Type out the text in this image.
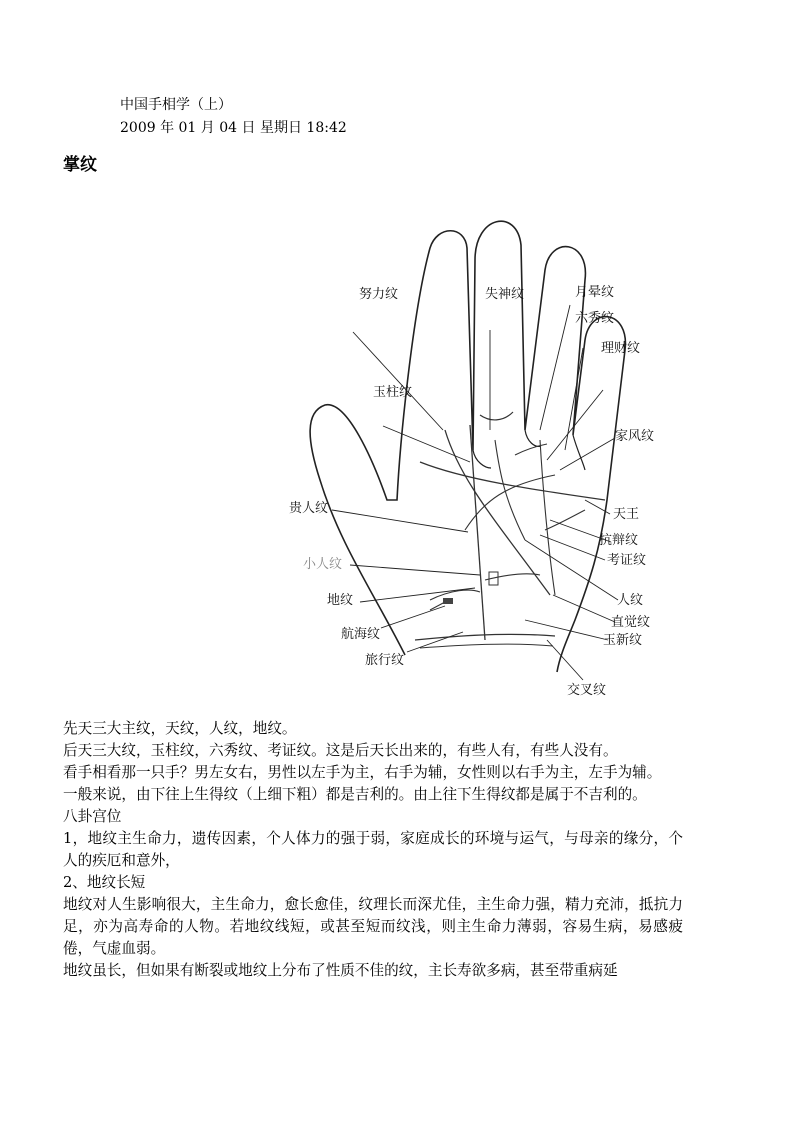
中国手相学（上）
2009 年 01 月 04 日 星期日 18:42
掌纹
努力纹	失神纹	月晕纹
六秀纹
理财纹
玉柱纹
家风纹
天王
贵人纹
抗辩纹
考证纹
小人纹
地纹	人纹
航海纹
直觉纹
玉新纹
旅行纹
交叉纹

先天三大主纹，天纹，人纹，地纹。

后天三大纹，玉柱纹，六秀纹、考证纹。这是后天长出来的，有些人有，有些人没有。

看手相看那一只手？男左女右，男性以左手为主，右手为辅，女性则以右手为主，左手为辅。

一般来说，由下往上生得纹（上细下粗）都是吉利的。由上往下生得纹都是属于不吉利的。

八卦宫位

1，地纹主生命力，遗传因素，个人体力的强于弱，家庭成长的环境与运气，与母亲的缘分，个人的疾厄和意外，

2、地纹长短

地纹对人生影响很大，主生命力，愈长愈佳，纹理长而深尤佳，主生命力强，精力充沛，抵抗力足，亦为高寿命的人物。若地纹线短，或甚至短而纹浅，则主生命力薄弱，容易生病，易感疲倦，气虚血弱。

地纹虽长，但如果有断裂或地纹上分布了性质不佳的纹，主长寿欲多病，甚至带重病延
